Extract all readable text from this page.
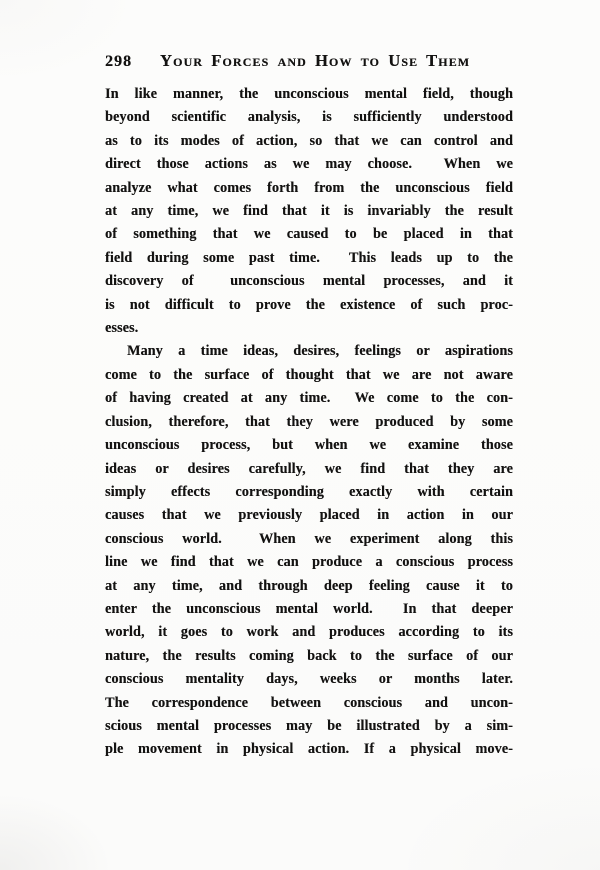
298 Your Forces and How to Use Them
In like manner, the unconscious mental field, though
beyond scientific analysis, is sufficiently understood
as to its modes of action, so that we can control and
direct those actions as we may choose.  When we
analyze what comes forth from the unconscious field
at any time, we find that it is invariably the result
of something that we caused to be placed in that
field during some past time.  This leads up to the
discovery of  unconscious mental processes, and it
is not difficult to prove the existence of such proc-
esses.
Many a time ideas, desires, feelings or aspirations
come to the surface of thought that we are not aware
of having created at any time.  We come to the con-
clusion, therefore, that they were produced by some
unconscious process, but when we examine those
ideas or desires carefully, we find that they are
simply effects corresponding exactly with certain
causes that we previously placed in action in our
conscious world.  When we experiment along this
line we find that we can produce a conscious process
at any time, and through deep feeling cause it to
enter the unconscious mental world.  In that deeper
world, it goes to work and produces according to its
nature, the results coming back to the surface of our
conscious mentality days, weeks or months later.
The correspondence between conscious and uncon-
scious mental processes may be illustrated by a sim-
ple movement in physical action. If a physical move-
